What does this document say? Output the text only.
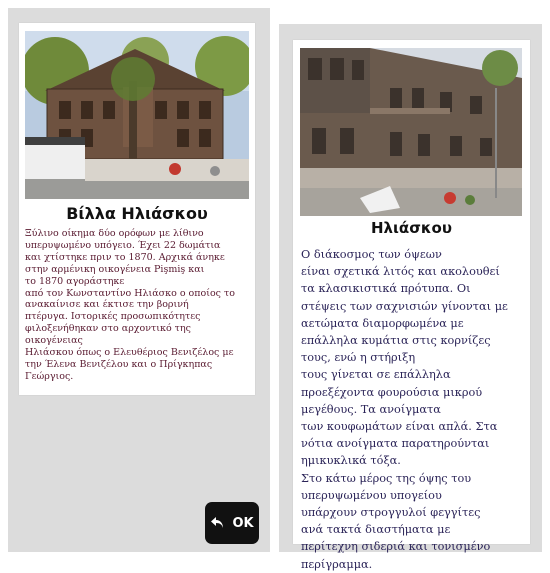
Βίλλα Ηλιάσκου
Ξύλινο οίκημα δύο ορόφων με λίθινο
υπερυψωμένο υπόγειο. Έχει 22 δωμάτια
και χτίστηκε πριν το 1870. Αρχικά άνηκε
στην αρμένικη οικογένεια Pişmiş και
το 1870 αγοράστηκε
από τον Κωνσταντίνο Ηλιάσκο ο οποίος το
ανακαίνισε και έκτισε την βορινή
πτέρυγα. Ιστορικές προσωπικότητες
φιλοξενήθηκαν στο αρχοντικό της
οικογένειας
Ηλιάσκου όπως ο Ελευθέριος Βενιζέλος με
την Έλενα Βενιζέλου και ο Πρίγκηπας
Γεώργιος.
Ηλιάσκου
Ο διάκοσμος των όψεων
είναι σχετικά λιτός και ακολουθεί
τα κλασικιστικά πρότυπα. Οι
στέψεις των σαχνισιών γίνονται με
αετώματα διαμορφωμένα με
επάλληλα κυμάτια στις κορνίζες
τους, ενώ η στήριξη
τους γίνεται σε επάλληλα
προεξέχοντα φουρούσια μικρού
μεγέθους. Τα ανοίγματα
των κουφωμάτων είναι απλά. Στα
νότια ανοίγματα παρατηρούνται
ημικυκλικά τόξα.
Στο κάτω μέρος της όψης του
υπερυψωμένου υπογείου
υπάρχουν στρογγυλοί φεγγίτες
ανά τακτά διαστήματα με
περίτεχνη σιδεριά και τονισμένο
περίγραμμα.
OK
